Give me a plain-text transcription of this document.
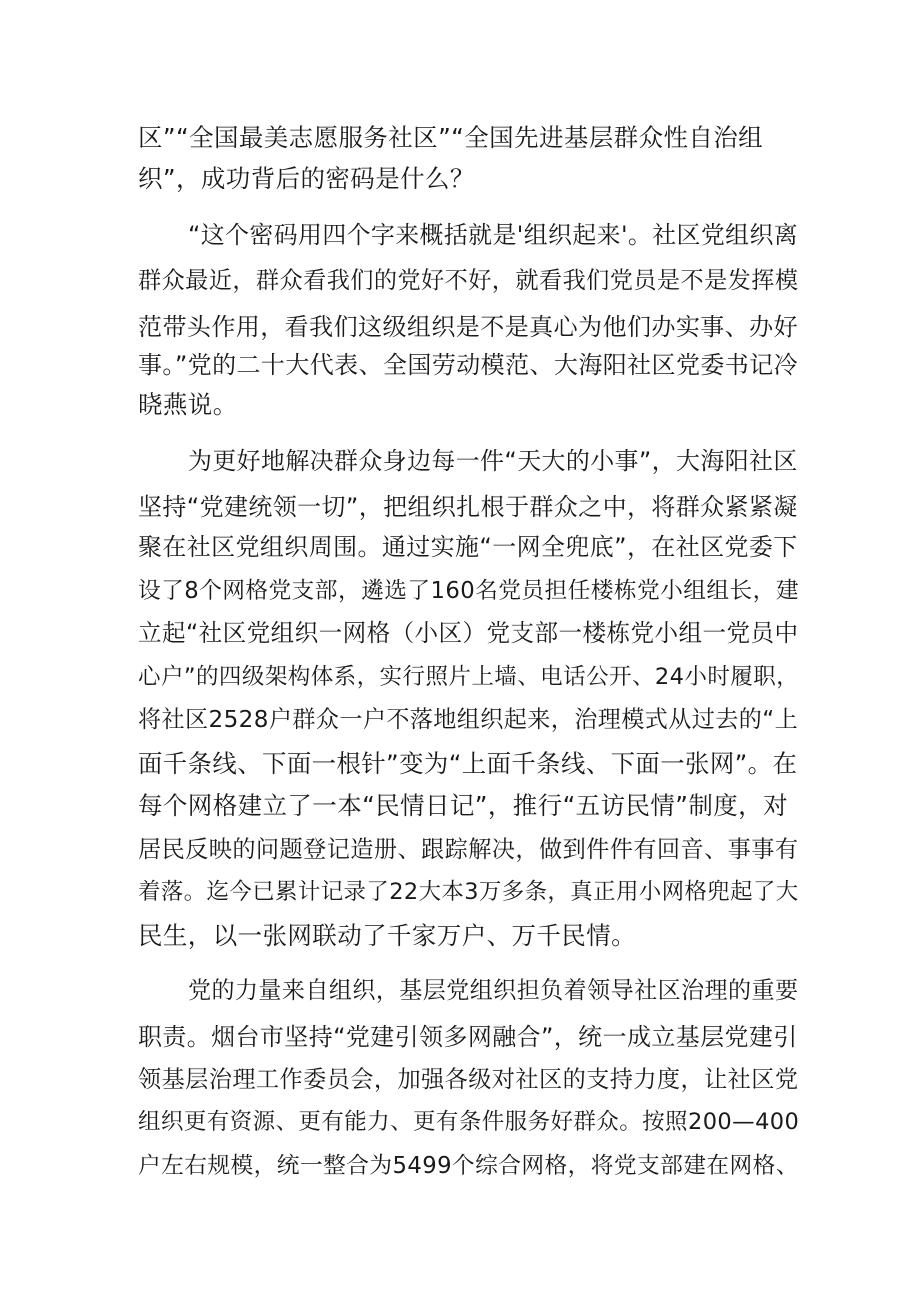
区”“全国最美志愿服务社区”“全国先进基层群众性自治组

织”，成功背后的密码是什么？

“这个密码用四个字来概括就是'组织起来'。社区党组织离

群众最近，群众看我们的党好不好，就看我们党员是不是发挥模

范带头作用，看我们这级组织是不是真心为他们办实事、办好

事。”党的二十大代表、全国劳动模范、大海阳社区党委书记冷

晓燕说。

为更好地解决群众身边每一件“天大的小事”，大海阳社区

坚持“党建统领一切”，把组织扎根于群众之中，将群众紧紧凝

聚在社区党组织周围。通过实施“一网全兜底”，在社区党委下

设了8个网格党支部，遴选了160名党员担任楼栋党小组组长，建

立起“社区党组织一网格（小区）党支部一楼栋党小组一党员中

心户”的四级架构体系，实行照片上墙、电话公开、24小时履职，

将社区2528户群众一户不落地组织起来，治理模式从过去的“上

面千条线、下面一根针”变为“上面千条线、下面一张网”。在

每个网格建立了一本“民情日记”，推行“五访民情”制度，对

居民反映的问题登记造册、跟踪解决，做到件件有回音、事事有

着落。迄今已累计记录了22大本3万多条，真正用小网格兜起了大

民生，以一张网联动了千家万户、万千民情。

党的力量来自组织，基层党组织担负着领导社区治理的重要

职责。烟台市坚持“党建引领多网融合”，统一成立基层党建引

领基层治理工作委员会，加强各级对社区的支持力度，让社区党

组织更有资源、更有能力、更有条件服务好群众。按照200—400

户左右规模，统一整合为5499个综合网格，将党支部建在网格、
